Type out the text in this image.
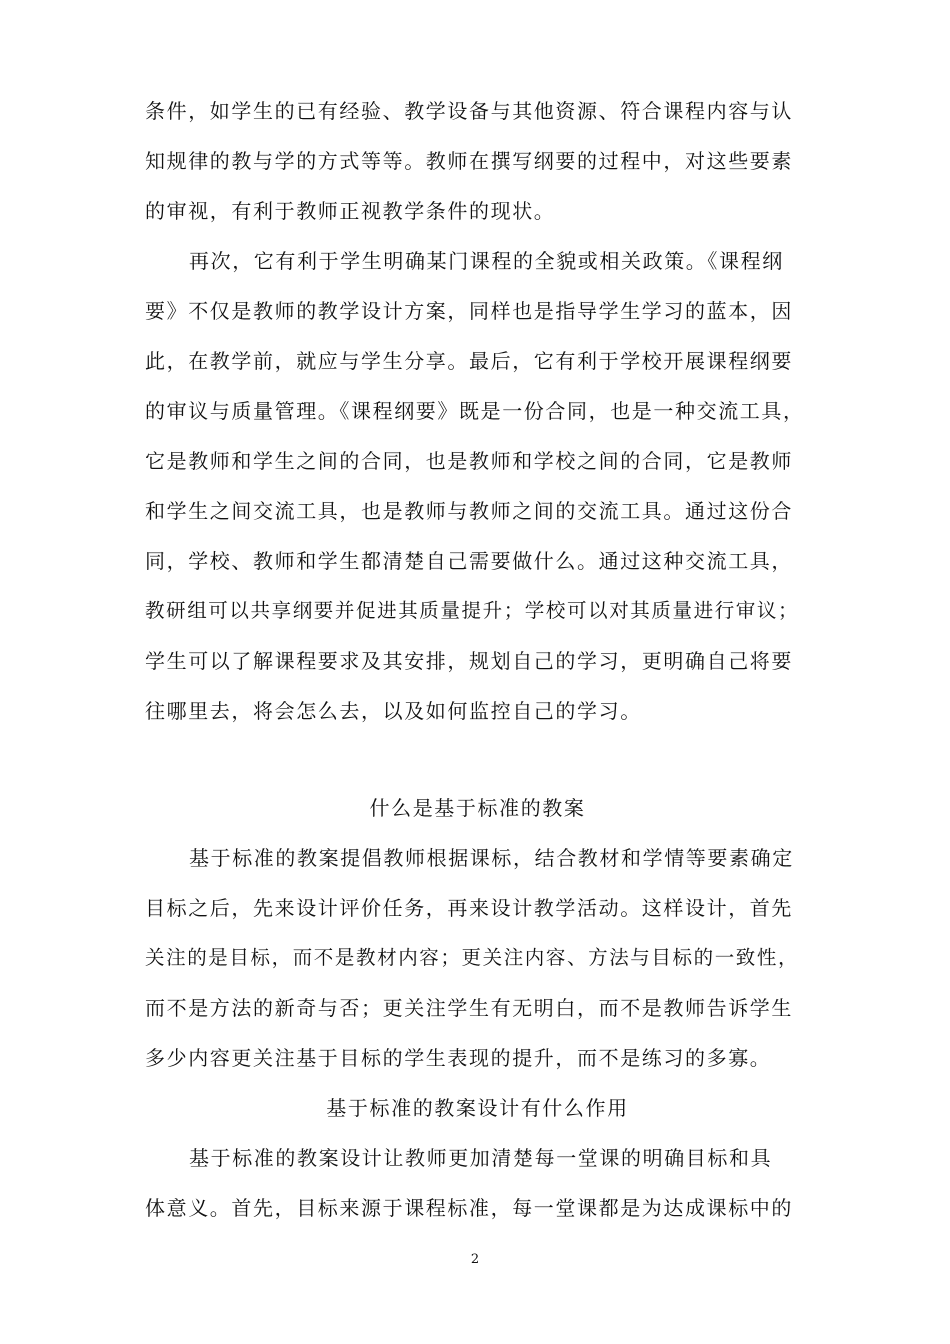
条件，如学生的已有经验、教学设备与其他资源、符合课程内容与认
知规律的教与学的方式等等。教师在撰写纲要的过程中，对这些要素
的审视，有利于教师正视教学条件的现状。
再次，它有利于学生明确某门课程的全貌或相关政策。《课程纲
要》不仅是教师的教学设计方案，同样也是指导学生学习的蓝本，因
此，在教学前，就应与学生分享。最后，它有利于学校开展课程纲要
的审议与质量管理。《课程纲要》既是一份合同，也是一种交流工具，
它是教师和学生之间的合同，也是教师和学校之间的合同，它是教师
和学生之间交流工具，也是教师与教师之间的交流工具。通过这份合
同，学校、教师和学生都清楚自己需要做什么。通过这种交流工具，
教研组可以共享纲要并促进其质量提升；学校可以对其质量进行审议；
学生可以了解课程要求及其安排，规划自己的学习，更明确自己将要
往哪里去，将会怎么去，以及如何监控自己的学习。
什么是基于标准的教案
基于标准的教案提倡教师根据课标，结合教材和学情等要素确定
目标之后，先来设计评价任务，再来设计教学活动。这样设计，首先
关注的是目标，而不是教材内容；更关注内容、方法与目标的一致性，
而不是方法的新奇与否；更关注学生有无明白，而不是教师告诉学生
多少内容更关注基于目标的学生表现的提升，而不是练习的多寡。
基于标准的教案设计有什么作用
基于标准的教案设计让教师更加清楚每一堂课的明确目标和具
体意义。首先，目标来源于课程标准，每一堂课都是为达成课标中的
2
